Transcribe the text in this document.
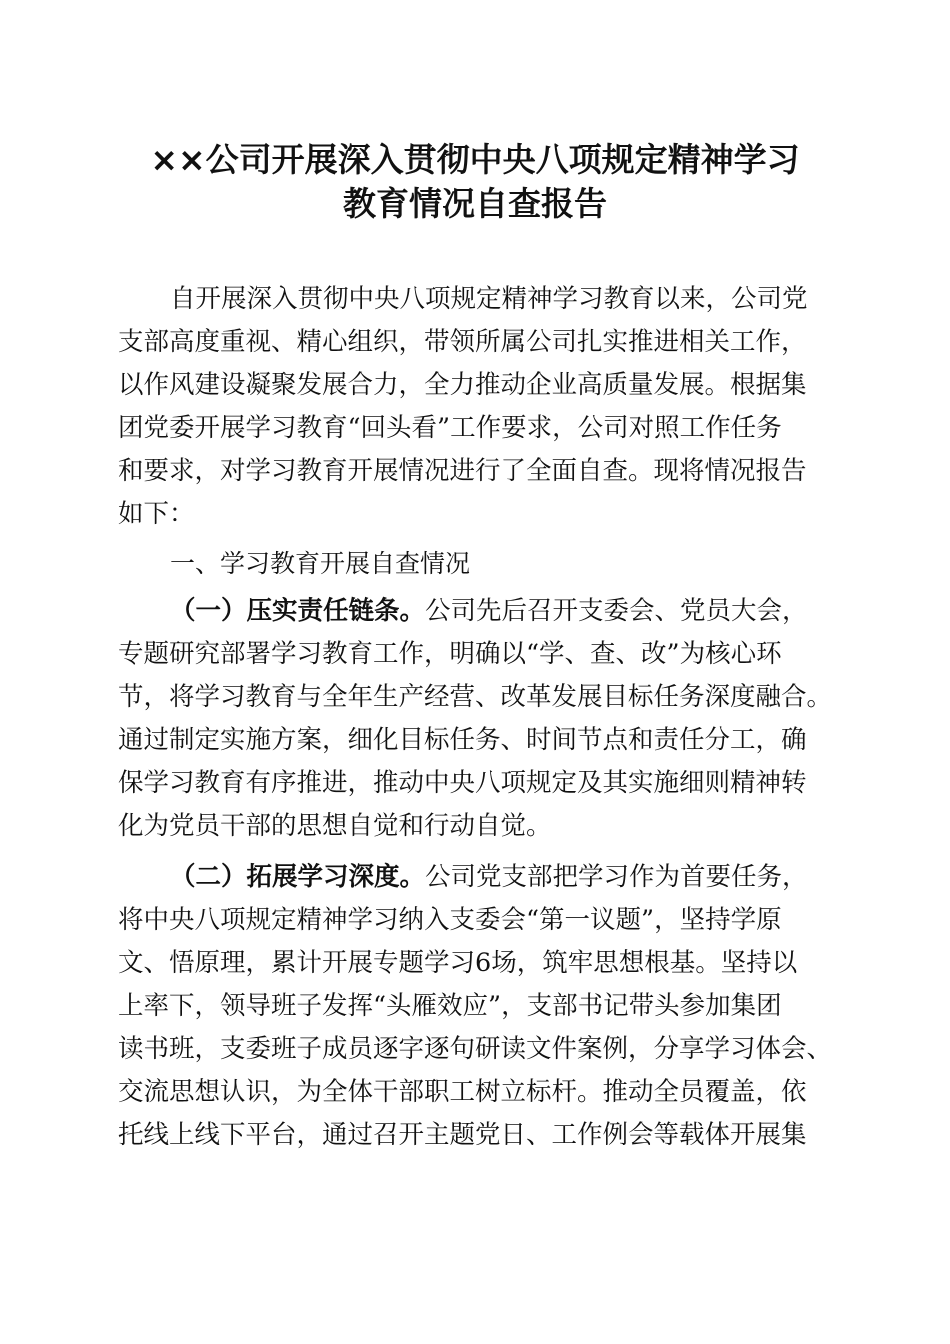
××公司开展深入贯彻中央八项规定精神学习
教育情况自查报告

自开展深入贯彻中央八项规定精神学习教育以来，公司党

支部高度重视、精心组织，带领所属公司扎实推进相关工作，

以作风建设凝聚发展合力，全力推动企业高质量发展。根据集

团党委开展学习教育“回头看”工作要求，公司对照工作任务

和要求，对学习教育开展情况进行了全面自查。现将情况报告

如下：

一、学习教育开展自查情况

（一）压实责任链条。公司先后召开支委会、党员大会，

专题研究部署学习教育工作，明确以“学、查、改”为核心环

节，将学习教育与全年生产经营、改革发展目标任务深度融合。

通过制定实施方案，细化目标任务、时间节点和责任分工，确

保学习教育有序推进，推动中央八项规定及其实施细则精神转

化为党员干部的思想自觉和行动自觉。

（二）拓展学习深度。公司党支部把学习作为首要任务，

将中央八项规定精神学习纳入支委会“第一议题”，坚持学原

文、悟原理，累计开展专题学习6场，筑牢思想根基。坚持以

上率下，领导班子发挥“头雁效应”，支部书记带头参加集团

读书班，支委班子成员逐字逐句研读文件案例，分享学习体会、

交流思想认识，为全体干部职工树立标杆。推动全员覆盖，依

托线上线下平台，通过召开主题党日、工作例会等载体开展集
